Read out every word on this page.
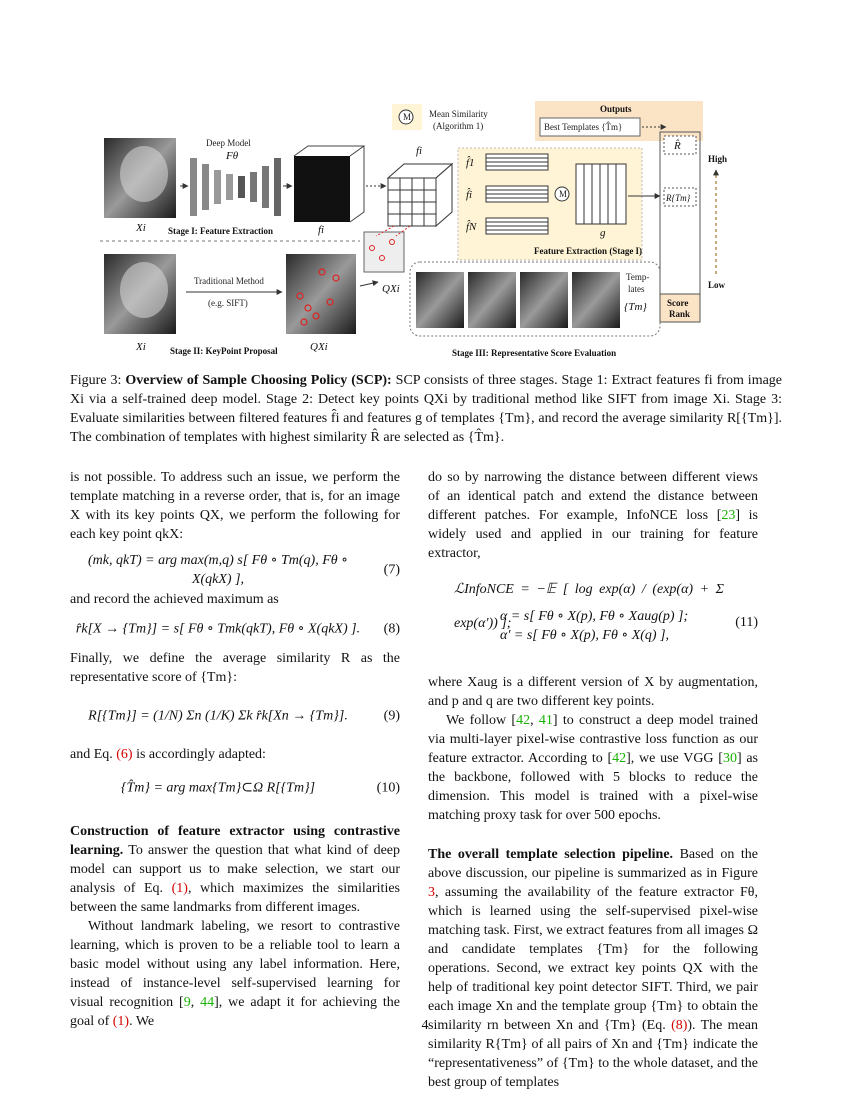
Xi
Deep Model
Fθ
fi
Stage I: Feature Extraction
Xi
Traditional Method
(e.g. SIFT)
Stage II: KeyPoint Proposal	QXi
QXi
fi
M Mean Similarity
(Algorithm 1)
Outputs
Best Templates {T̂m}
f̂1
f̂i
f̂N
M
g
Feature Extraction (Stage I)
Temp-
lates
{Tm}
Stage III: Representative Score Evaluation
R̂
R{Tm}
Score
Rank
High
Low
Figure 3: Overview of Sample Choosing Policy (SCP): SCP consists of three stages. Stage 1: Extract features fi from image Xi via a self-trained deep model. Stage 2: Detect key points QXi by traditional method like SIFT from image Xi. Stage 3: Evaluate similarities between filtered features f̂i and features g of templates {Tm}, and record the average similarity R[{Tm}]. The combination of templates with highest similarity R̂ are selected as {T̂m}.

is not possible. To address such an issue, we perform the template matching in a reverse order, that is, for an image X with its key points QX, we perform the following for each key point qkX:

(mk, qkT) = arg max(m,q) s[ Fθ ∘ Tm(q), Fθ ∘ X(qkX) ],
(7)

and record the achieved maximum as

r̂k[X → {Tm}] = s[ Fθ ∘ Tmk(qkT), Fθ ∘ X(qkX) ].	(8)

Finally, we define the average similarity R as the representative score of {Tm}:

R[{Tm}] = (1/N) Σn (1/K) Σk r̂k[Xn → {Tm}].	(9)

and Eq. (6) is accordingly adapted:

{T̂m} = arg max{Tm}⊂Ω R[{Tm}]	(10)

Construction of feature extractor using contrastive learning. To answer the question that what kind of deep model can support us to make selection, we start our analysis of Eq. (1), which maximizes the similarities between the same landmarks from different images.

Without landmark labeling, we resort to contrastive learning, which is proven to be a reliable tool to learn a basic model without using any label information. Here, instead of instance-level self-supervised learning for visual recognition [9, 44], we adapt it for achieving the goal of (1). We

do so by narrowing the distance between different views of an identical patch and extend the distance between different patches. For example, InfoNCE loss [23] is widely used and applied in our training for feature extractor,

ℒInfoNCE = −𝔼 [ log exp(α) / (exp(α) + Σ exp(α′)) ];
α = s[ Fθ ∘ X(p), Fθ ∘ Xaug(p) ];
α′ = s[ Fθ ∘ X(p), Fθ ∘ X(q) ],
(11)

where Xaug is a different version of X by augmentation, and p and q are two different key points.

We follow [42, 41] to construct a deep model trained via multi-layer pixel-wise contrastive loss function as our feature extractor. According to [42], we use VGG [30] as the backbone, followed with 5 blocks to reduce the dimension. This model is trained with a pixel-wise matching proxy task for over 500 epochs.

The overall template selection pipeline. Based on the above discussion, our pipeline is summarized as in Figure 3, assuming the availability of the feature extractor Fθ, which is learned using the self-supervised pixel-wise matching task. First, we extract features from all images Ω and candidate templates {Tm} for the following operations. Second, we extract key points QX with the help of traditional key point detector SIFT. Third, we pair each image Xn and the template group {Tm} to obtain the similarity rn between Xn and {Tm} (Eq. (8)). The mean similarity R{Tm} of all pairs of Xn and {Tm} indicate the “representativeness” of {Tm} to the whole dataset, and the best group of templates

4
